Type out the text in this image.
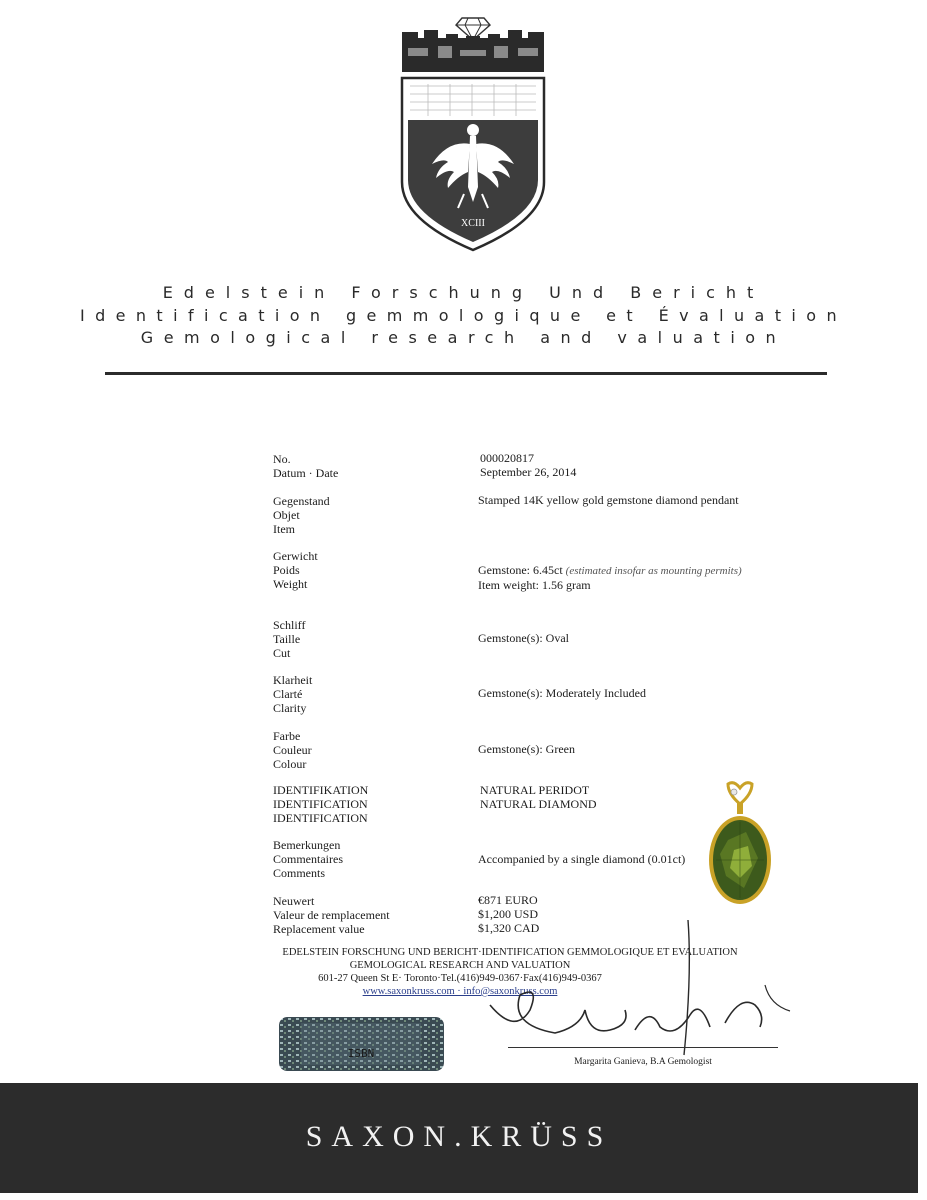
XCIII
Edelstein Forschung Und Bericht
Identification gemmologique et Évaluation
Gemological research and valuation
No.	000020817
Datum · Date	September 26, 2014
Gegenstand
Objet
Item
Stamped 14K yellow gold gemstone diamond pendant
Gerwicht
Poids
Weight
Gemstone: 6.45ct (estimated insofar as mounting permits)
Item weight: 1.56 gram
Schliff
Taille
Cut
Gemstone(s): Oval
Klarheit
Clarté
Clarity
Gemstone(s): Moderately Included
Farbe
Couleur
Colour
Gemstone(s): Green
IDENTIFIKATION
IDENTIFICATION
IDENTIFICATION
NATURAL PERIDOT
NATURAL DIAMOND
Bemerkungen
Commentaires
Comments
Accompanied by a single diamond (0.01ct)
Neuwert
Valeur de remplacement
Replacement value
€871 EURO
$1,200 USD
$1,320 CAD
EDELSTEIN FORSCHUNG UND BERICHT·IDENTIFICATION GEMMOLOGIQUE ET EVALUATION
GEMOLOGICAL RESEARCH AND VALUATION
601-27 Queen St E· Toronto·Tel.(416)949-0367·Fax(416)949-0367
www.saxonkruss.com · info@saxonkruss.com
ISBN
Margarita Ganieva, B.A Gemologist
SAXON.KRÜSS
